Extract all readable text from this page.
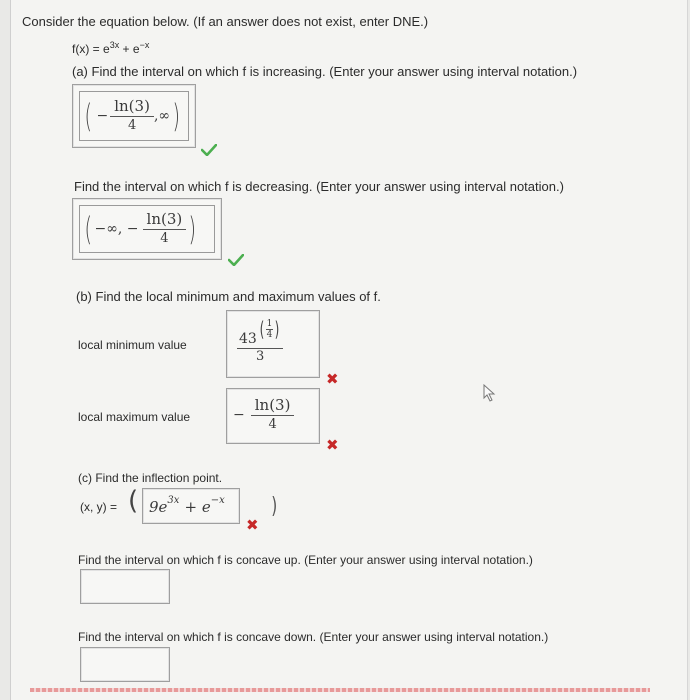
Consider the equation below. (If an answer does not exist, enter DNE.)
$f(x) = e^{3x} + e^{-x}$
(a) Find the interval on which f is increasing. (Enter your answer using interval notation.)
( − $\frac{\ln(3)}{4}$ ,∞ )
Find the interval on which f is decreasing. (Enter your answer using interval notation.)
( −∞, − $\frac{\ln(3)}{4}$ )
(b) Find the local minimum and maximum values of f.
local minimum value	43 ( $\frac{1}{4}$ )
3
✖
local maximum value	− $\frac{\ln(3)}{4}$
✖
(c) Find the inflection point.
(x, y) = ( $9e^{3x} + e^{-x}$
✖
)
Find the interval on which f is concave up. (Enter your answer using interval notation.)
Find the interval on which f is concave down. (Enter your answer using interval notation.)
